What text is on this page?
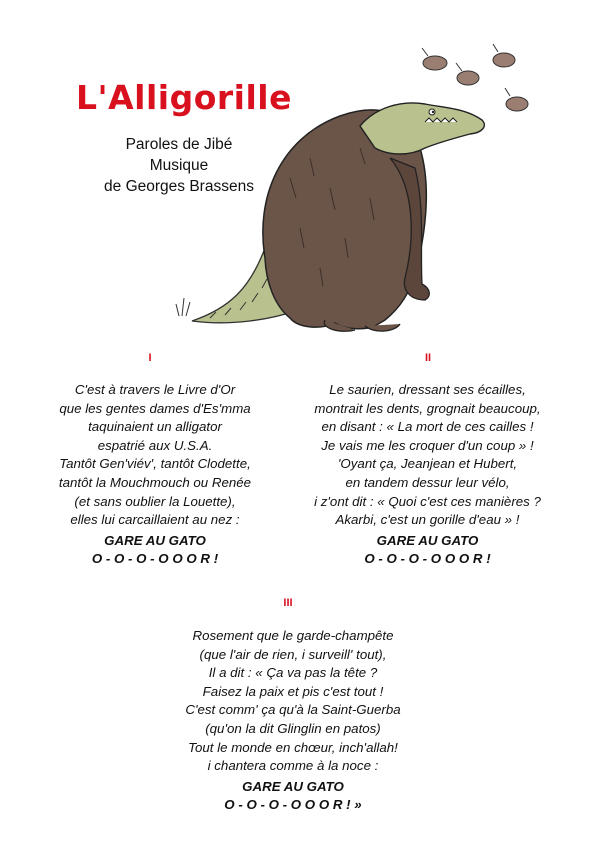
L'Alligorille
Paroles de Jibé
Musique
de Georges Brassens
I
C'est à travers le Livre d'Or
que les gentes dames d'Es'mma
taquinaient un alligator
espatrié aux U.S.A.
Tantôt Gen'viév', tantôt Clodette,
tantôt la Mouchmouch ou Renée
(et sans oublier la Louette),
elles lui carcaillaient au nez :
GARE AU GATO
O - O - O - O O O R !
II
Le saurien, dressant ses écailles,
montrait les dents, grognait beaucoup,
en disant : « La mort de ces cailles !
Je vais me les croquer d'un coup » !
'Oyant ça, Jeanjean et Hubert,
en tandem dessur leur vélo,
i z'ont dit : « Quoi c'est ces manières ?
Akarbi, c'est un gorille d'eau » !
GARE AU GATO
O - O - O - O O O R !
III
Rosement que le garde-champête
(que l'air de rien, i surveill' tout),
Il a dit : « Ça va pas la tête ?
Faisez la paix et pis c'est tout !
C'est comm' ça qu'à la Saint-Guerba
(qu'on la dit Glinglin en patos)
Tout le monde en chœur, inch'allah!
i chantera comme à la noce :
GARE AU GATO
O - O - O - O O O R ! »
